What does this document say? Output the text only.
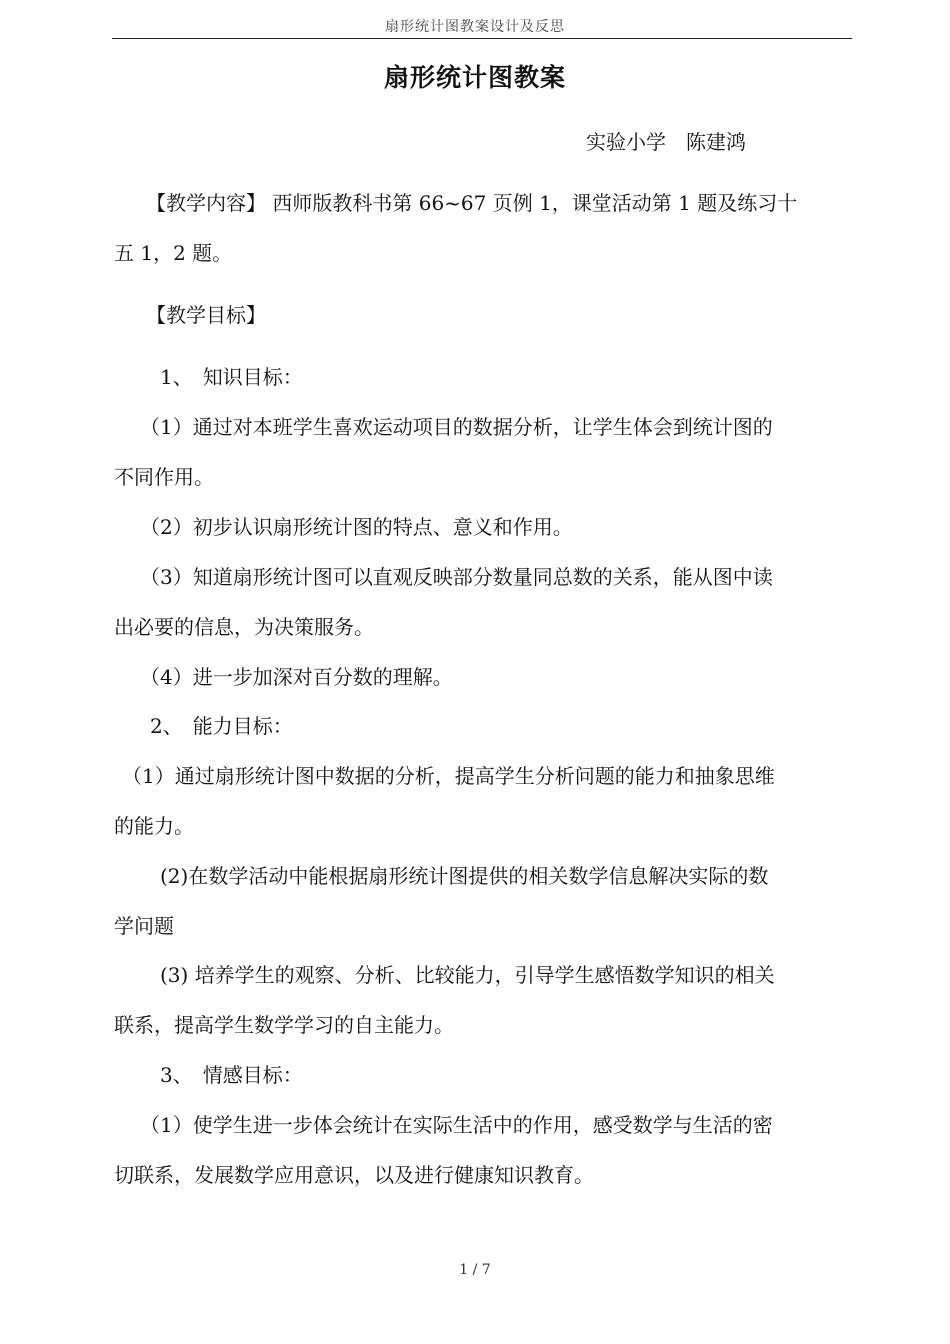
扇形统计图教案设计及反思
扇形统计图教案
实验小学　陈建鸿
【教学内容】 西师版教科书第 66~67 页例 1，课堂活动第 1 题及练习十
五 1，2 题。
【教学目标】
1、　知识目标：
（1）通过对本班学生喜欢运动项目的数据分析，让学生体会到统计图的
不同作用。
（2）初步认识扇形统计图的特点、意义和作用。
（3）知道扇形统计图可以直观反映部分数量同总数的关系，能从图中读
出必要的信息，为决策服务。
（4）进一步加深对百分数的理解。
2、　能力目标：
（1）通过扇形统计图中数据的分析，提高学生分析问题的能力和抽象思维
的能力。
(2)在数学活动中能根据扇形统计图提供的相关数学信息解决实际的数
学问题
(3) 培养学生的观察、分析、比较能力，引导学生感悟数学知识的相关
联系，提高学生数学学习的自主能力。
3、　情感目标：
（1）使学生进一步体会统计在实际生活中的作用，感受数学与生活的密
切联系，发展数学应用意识，以及进行健康知识教育。
1 / 7
